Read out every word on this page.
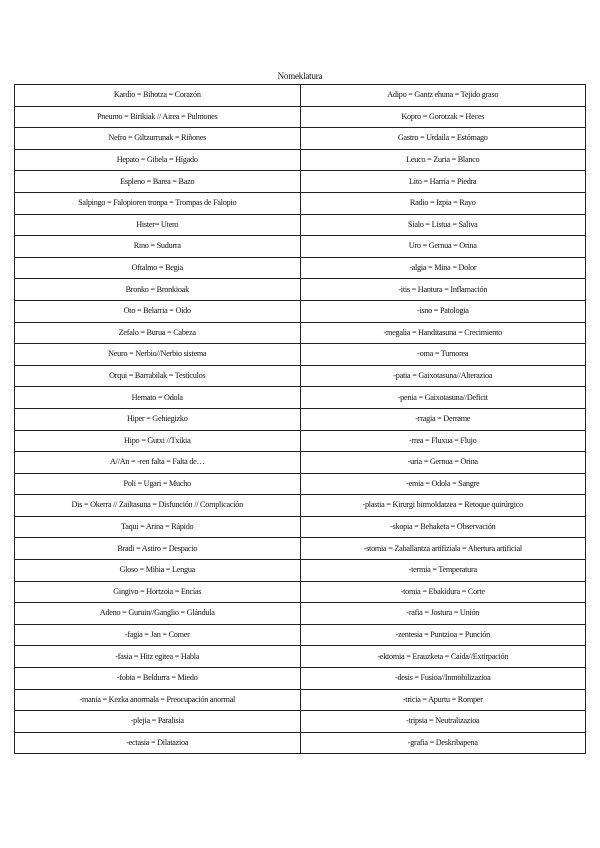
Nomeklatura
Kardio = Bihotza = Corazón	Adipo = Gantz ehuna = Tejido graso
Pneumo = Birikiak // Airea = Pulmones	Kopro = Gorotzak = Heces
Nefro = Giltzurrunak = Riñones	Gastro = Urdaila = Estómago
Hepato = Gibela = Hígado	Leuco = Zuria = Blanco
Espleno = Barea = Bazo	Lito = Harria = Piedra
Salpingo = Falopioren tronpa = Trompas de Falopio	Radio = Izpia = Rayo
Hister= Utero	Sialo = Listua = Saliva
Rino = Sudurra	Uro = Gernua = Orina
Oftalmo = Begia	-algia = Mina = Dolor
Bronko = Bronkioak	-itis = Hantura = Inflamación
Oto = Belarria = Oído	-isno = Patologia
Zefalo = Burua = Cabeza	-megalia = Handitasuna = Crecimiento
Neuro = Nerbio//Nerbio sistema	-oma = Tumorea
Orqui = Barrabilak = Testículos	-patia = Gaixotasuna//Alterazioa
Hemato = Odola	-penia = Gaixotasuna//Deficit
Hiper = Gehiegizko	-rragia = Derrame
Hipo = Gutxi //Txikia	-rrea = Fluxua = Flujo
A//An = -ren falta = Falta de…	-uria = Gernua = Orina
Poli = Ugari = Mucho	-emia = Odola = Sangre
Dis = Okerra // Zailtasuna = Disfunción // Complicación	-plastia = Kirurgi birmoldatzea = Retoque quirúrgico
Taqui = Arina = Rápido	-skopia = Behaketa = Observación
Bradi = Astiro = Despacio	-stomia = Zaballantza artifiziala = Abertura artificial
Gloso = Mihia = Lengua	-termia = Temperatura
Gingivo = Hortzoia = Encías	-tomia = Ebakidura = Corte
Adeno = Guruin//Ganglio = Glándula	-rafia = Jostura = Unión
-fagia = Jan = Comer	-zentesia = Puntzioa = Punción
-fasia = Hitz egitea = Habla	-ektomia = Erauzketa = Caída//Extirpación
-fobia = Beldurra = Miedo	-desis = Fusioa//Inmobilizazioa
-mania = Kezka anormala = Preocupación anormal	-tricia = Apurtu = Romper
-plejia = Paralisia	-tripsia = Neutralizazioa
-ectasia = Dilatazioa	-grafia = Deskribapena
